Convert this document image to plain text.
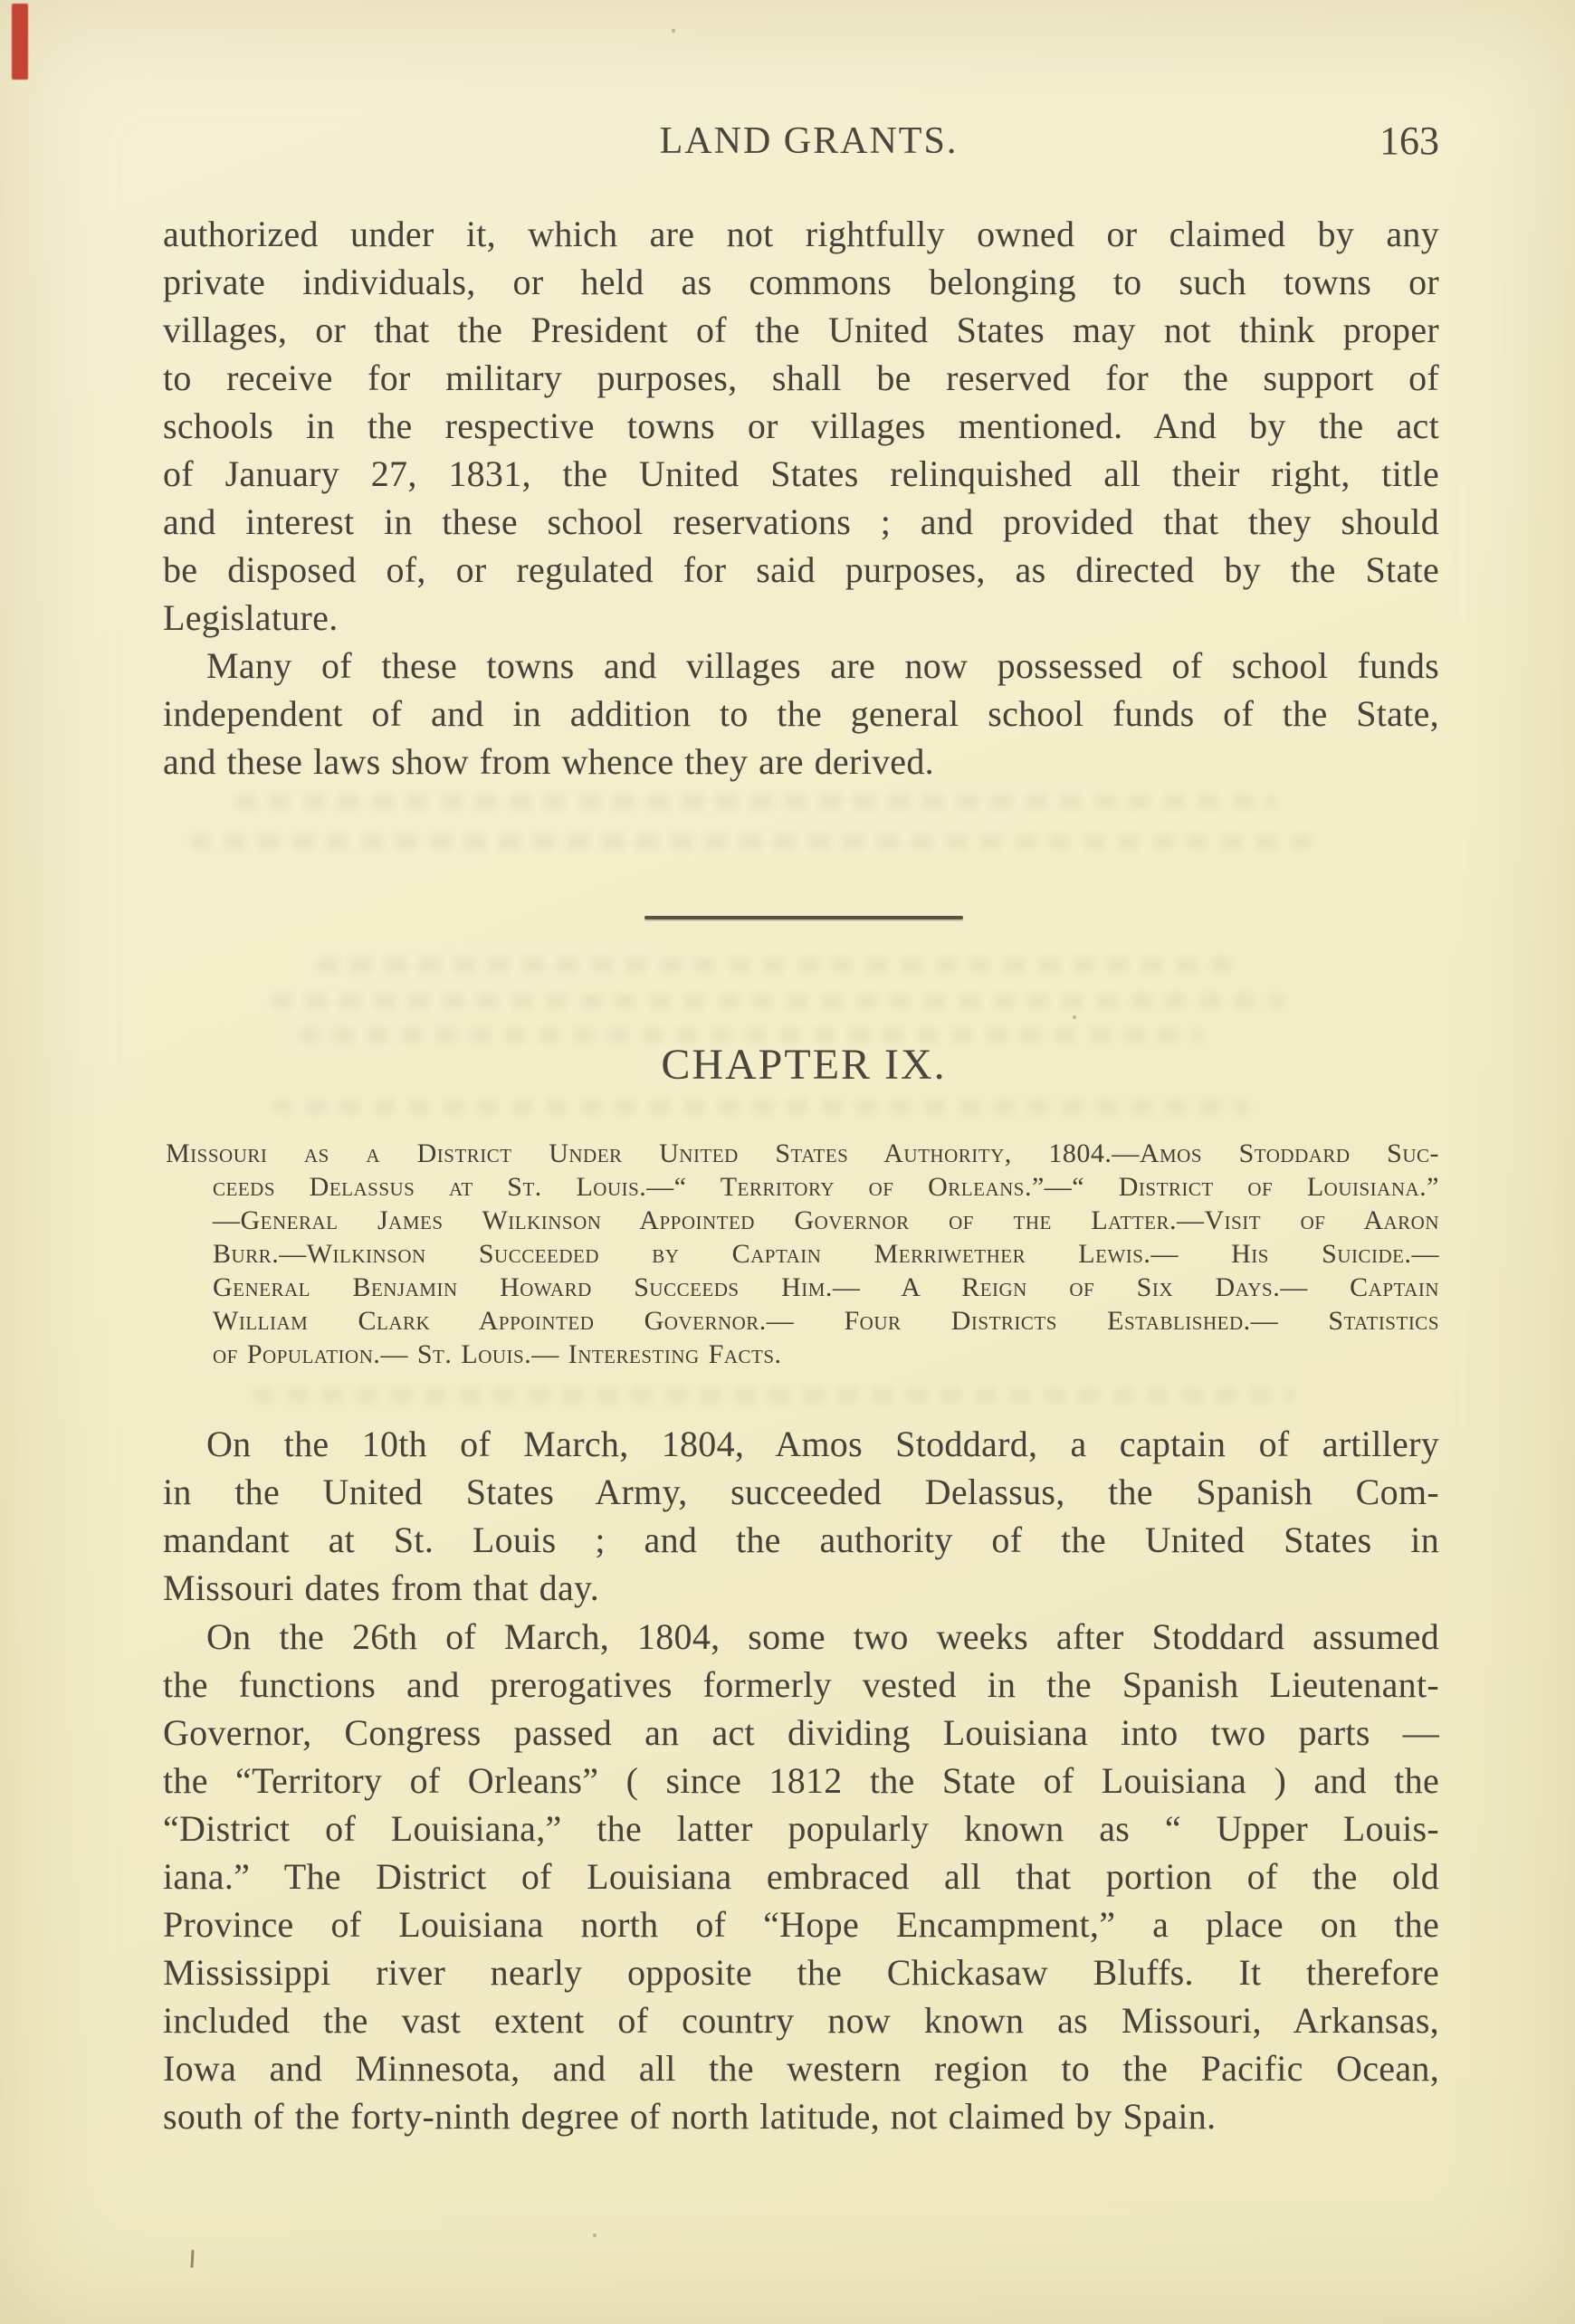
LAND GRANTS.	163
authorized under it, which are not rightfully owned or claimed by any
private individuals, or held as commons belonging to such towns or
villages, or that the President of the United States may not think proper
to receive for military purposes, shall be reserved for the support of
schools in the respective towns or villages mentioned. And by the act
of January 27, 1831, the United States relinquished all their right, title
and interest in these school reservations ; and provided that they should
be disposed of, or regulated for said purposes, as directed by the State
Legislature.
Many of these towns and villages are now possessed of school funds
independent of and in addition to the general school funds of the State,
and these laws show from whence they are derived.
CHAPTER IX.
Missouri as a District Under United States Authority, 1804.—Amos Stoddard Suc-
ceeds Delassus at St. Louis.—“ Territory of Orleans.”—“ District of Louisiana.”
—General James Wilkinson Appointed Governor of the Latter.—Visit of Aaron
Burr.—Wilkinson Succeeded by Captain Merriwether Lewis.— His Suicide.—
General Benjamin Howard Succeeds Him.— A Reign of Six Days.— Captain
William Clark Appointed Governor.— Four Districts Established.— Statistics
of Population.— St. Louis.— Interesting Facts.
On the 10th of March, 1804, Amos Stoddard, a captain of artillery
in the United States Army, succeeded Delassus, the Spanish Com-
mandant at St. Louis ; and the authority of the United States in
Missouri dates from that day.
On the 26th of March, 1804, some two weeks after Stoddard assumed
the functions and prerogatives formerly vested in the Spanish Lieutenant-
Governor, Congress passed an act dividing Louisiana into two parts —
the “Territory of Orleans” ( since 1812 the State of Louisiana ) and the
“District of Louisiana,” the latter popularly known as “ Upper Louis-
iana.” The District of Louisiana embraced all that portion of the old
Province of Louisiana north of “Hope Encampment,” a place on the
Mississippi river nearly opposite the Chickasaw Bluffs. It therefore
included the vast extent of country now known as Missouri, Arkansas,
Iowa and Minnesota, and all the western region to the Pacific Ocean,
south of the forty-ninth degree of north latitude, not claimed by Spain.
